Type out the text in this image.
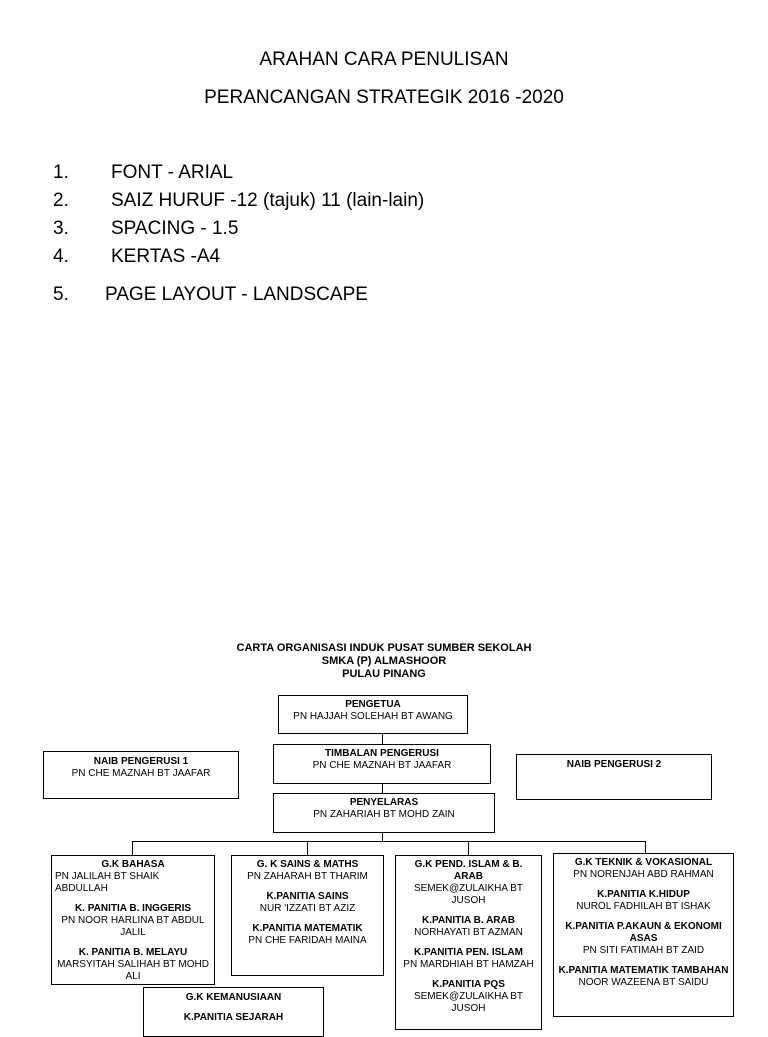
ARAHAN CARA PENULISAN
PERANCANGAN STRATEGIK 2016 -2020
1. FONT - ARIAL
2. SAIZ HURUF -12 (tajuk) 11 (lain-lain)
3. SPACING - 1.5
4. KERTAS -A4
5. PAGE LAYOUT - LANDSCAPE
CARTA ORGANISASI INDUK PUSAT SUMBER SEKOLAH
SMKA (P) ALMASHOOR
PULAU PINANG
PENGETUA
PN HAJJAH SOLEHAH BT AWANG
TIMBALAN PENGERUSI
PN CHE MAZNAH BT JAAFAR
NAIB PENGERUSI 1
PN CHE MAZNAH BT JAAFAR
NAIB PENGERUSI 2
PENYELARAS
PN ZAHARIAH BT MOHD ZAIN
G.K BAHASA
PN JALILAH BT SHAIK ABDULLAH
K. PANITIA B. INGGERIS
PN NOOR HARLINA BT ABDUL JALIL
K. PANITIA B. MELAYU
MARSYITAH SALIHAH BT MOHD ALI
G. K SAINS & MATHS
PN ZAHARAH BT THARIM
K.PANITIA SAINS
NUR 'IZZATI BT AZIZ
K.PANITIA MATEMATIK
PN CHE FARIDAH MAINA
G.K PEND. ISLAM & B. ARAB
SEMEK@ZULAIKHA BT JUSOH
K.PANITIA B. ARAB
NORHAYATI BT AZMAN
K.PANITIA PEN. ISLAM
PN MARDHIAH BT HAMZAH
K.PANITIA PQS
SEMEK@ZULAIKHA BT JUSOH
G.K TEKNIK & VOKASIONAL
PN NORENJAH ABD RAHMAN
K.PANITIA K.HIDUP
NUROL FADHILAH BT ISHAK
K.PANITIA P.AKAUN & EKONOMI ASAS
PN SITI FATIMAH BT ZAID
K.PANITIA MATEMATIK TAMBAHAN
NOOR WAZEENA BT SAIDU
G.K KEMANUSIAAN
K.PANITIA SEJARAH
